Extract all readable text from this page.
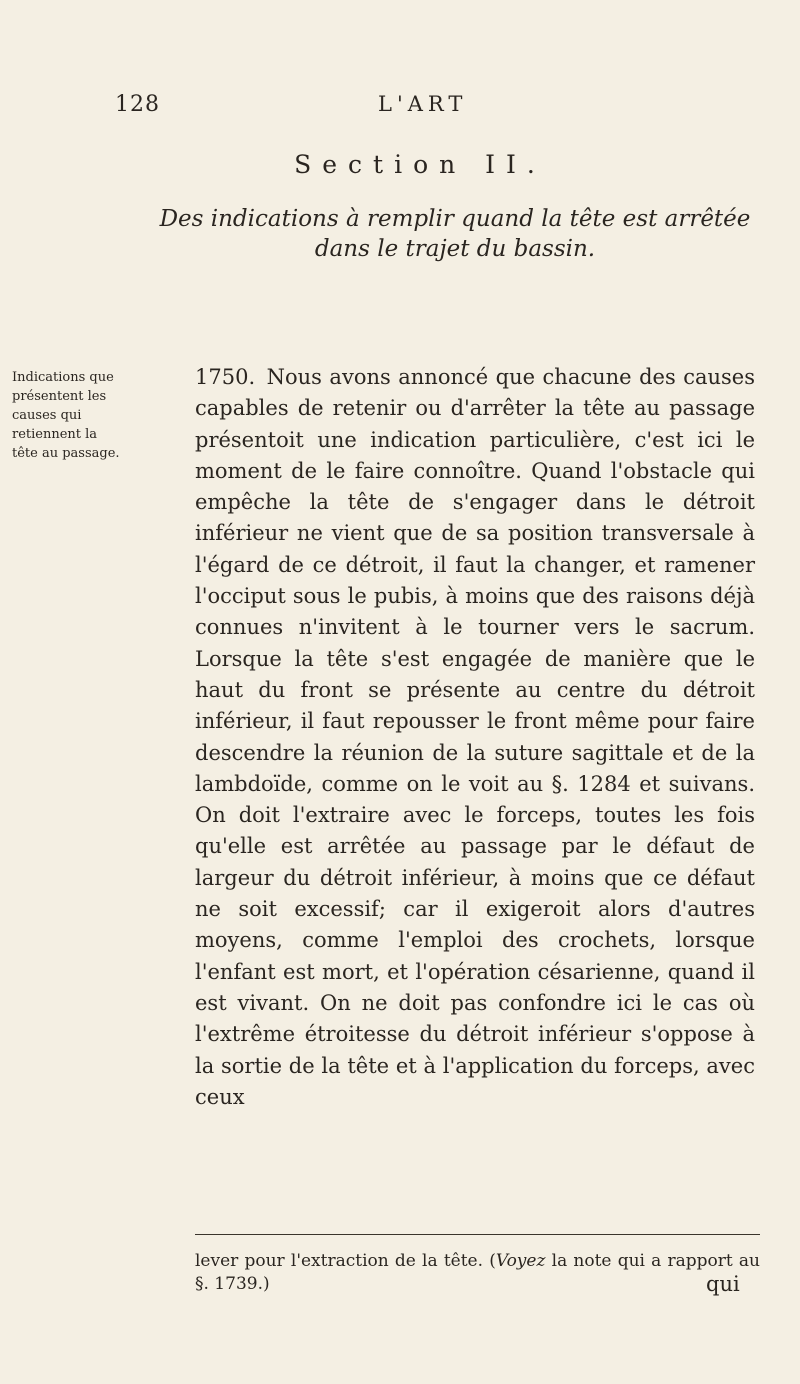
128	L'ART
Section II.
Des indications à remplir quand la tête est arrêtée dans le trajet du bassin.
Indications que présentent les causes qui retiennent la tête au passage.
1750. Nous avons annoncé que chacune des causes capables de retenir ou d'arrêter la tête au passage présentoit une indication particulière, c'est ici le moment de le faire connoître. Quand l'obstacle qui empêche la tête de s'engager dans le détroit inférieur ne vient que de sa position transversale à l'égard de ce détroit, il faut la changer, et ramener l'occiput sous le pubis, à moins que des raisons déjà connues n'invitent à le tourner vers le sacrum. Lorsque la tête s'est engagée de manière que le haut du front se présente au centre du détroit inférieur, il faut repousser le front même pour faire descendre la réunion de la suture sagittale et de la lambdoïde, comme on le voit au §. 1284 et suivans. On doit l'extraire avec le forceps, toutes les fois qu'elle est arrêtée au passage par le défaut de largeur du détroit inférieur, à moins que ce défaut ne soit excessif; car il exigeroit alors d'autres moyens, comme l'emploi des crochets, lorsque l'enfant est mort, et l'opération césarienne, quand il est vivant. On ne doit pas confondre ici le cas où l'extrême étroitesse du détroit inférieur s'oppose à la sortie de la tête et à l'application du forceps, avec ceux
lever pour l'extraction de la tête. (Voyez la note qui a rapport au §. 1739.)	qui
